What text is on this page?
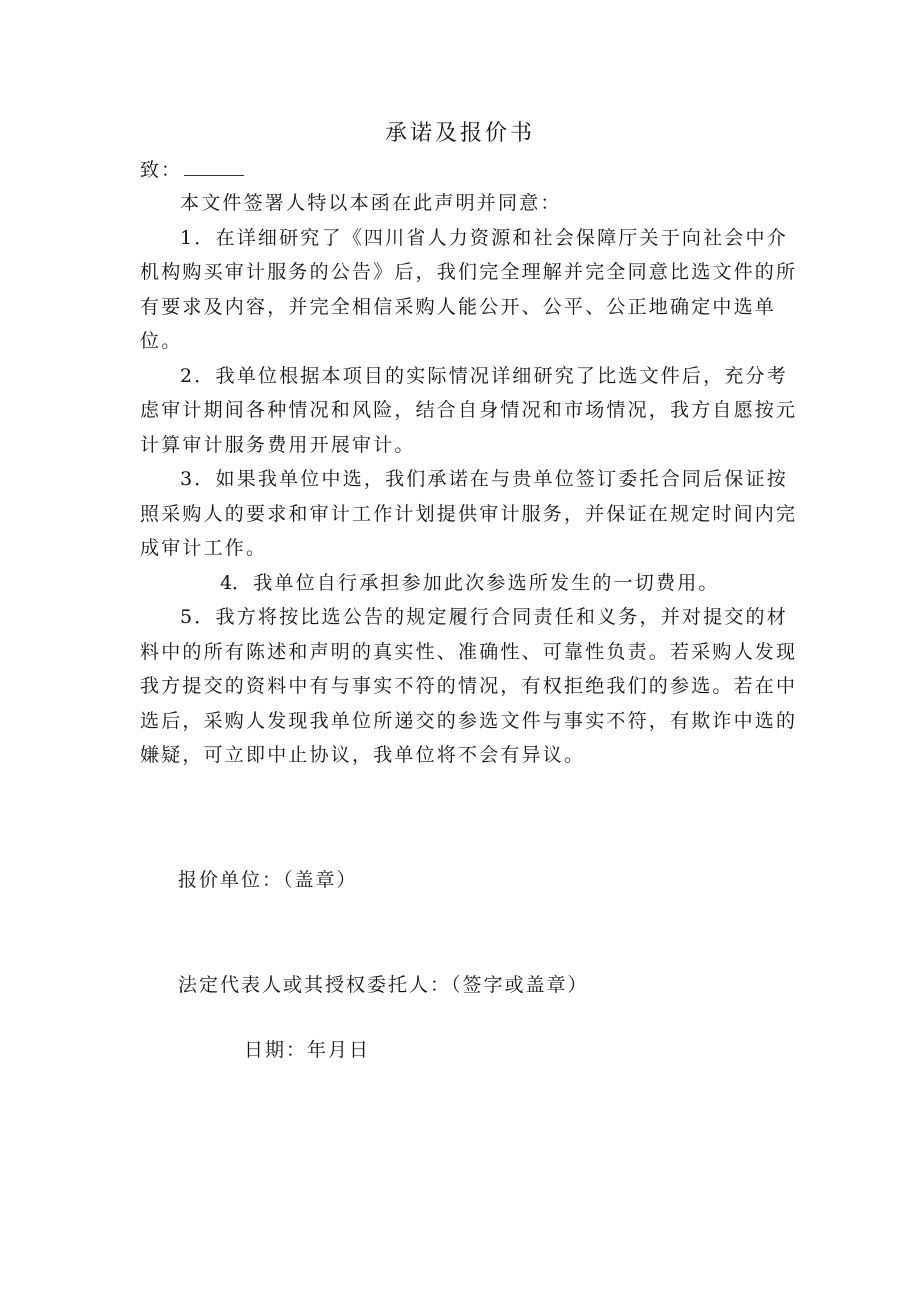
承诺及报价书
致：

本文件签署人特以本函在此声明并同意：

1．在详细研究了《四川省人力资源和社会保障厅关于向社会中介机构购买审计服务的公告》后，我们完全理解并完全同意比选文件的所有要求及内容，并完全相信采购人能公开、公平、公正地确定中选单位。

2．我单位根据本项目的实际情况详细研究了比选文件后，充分考虑审计期间各种情况和风险，结合自身情况和市场情况，我方自愿按元计算审计服务费用开展审计。

3．如果我单位中选，我们承诺在与贵单位签订委托合同后保证按照采购人的要求和审计工作计划提供审计服务，并保证在规定时间内完成审计工作。

4．我单位自行承担参加此次参选所发生的一切费用。

5．我方将按比选公告的规定履行合同责任和义务，并对提交的材料中的所有陈述和声明的真实性、准确性、可靠性负责。若采购人发现我方提交的资料中有与事实不符的情况，有权拒绝我们的参选。若在中选后，采购人发现我单位所递交的参选文件与事实不符，有欺诈中选的嫌疑，可立即中止协议，我单位将不会有异议。

报价单位：（盖章）
法定代表人或其授权委托人：（签字或盖章）
日期：年月日
